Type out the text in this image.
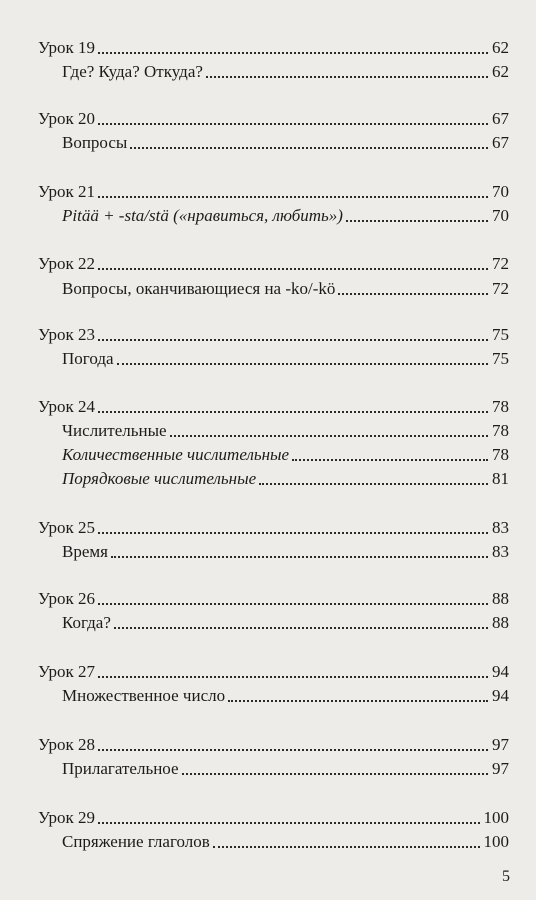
Урок 19	62
Где? Куда? Откуда?	62
Урок 20	67
Вопросы	67
Урок 21	70
Pitää + -sta/stä («нравиться, любить»)	70
Урок 22	72
Вопросы, оканчивающиеся на -ko/-kö	72
Урок 23	75
Погода	75
Урок 24	78
Числительные	78
Количественные числительные	78
Порядковые числительные	81
Урок 25	83
Время	83
Урок 26	88
Когда?	88
Урок 27	94
Множественное число	94
Урок 28	97
Прилагательное	97
Урок 29	100
Спряжение глаголов	100
5
